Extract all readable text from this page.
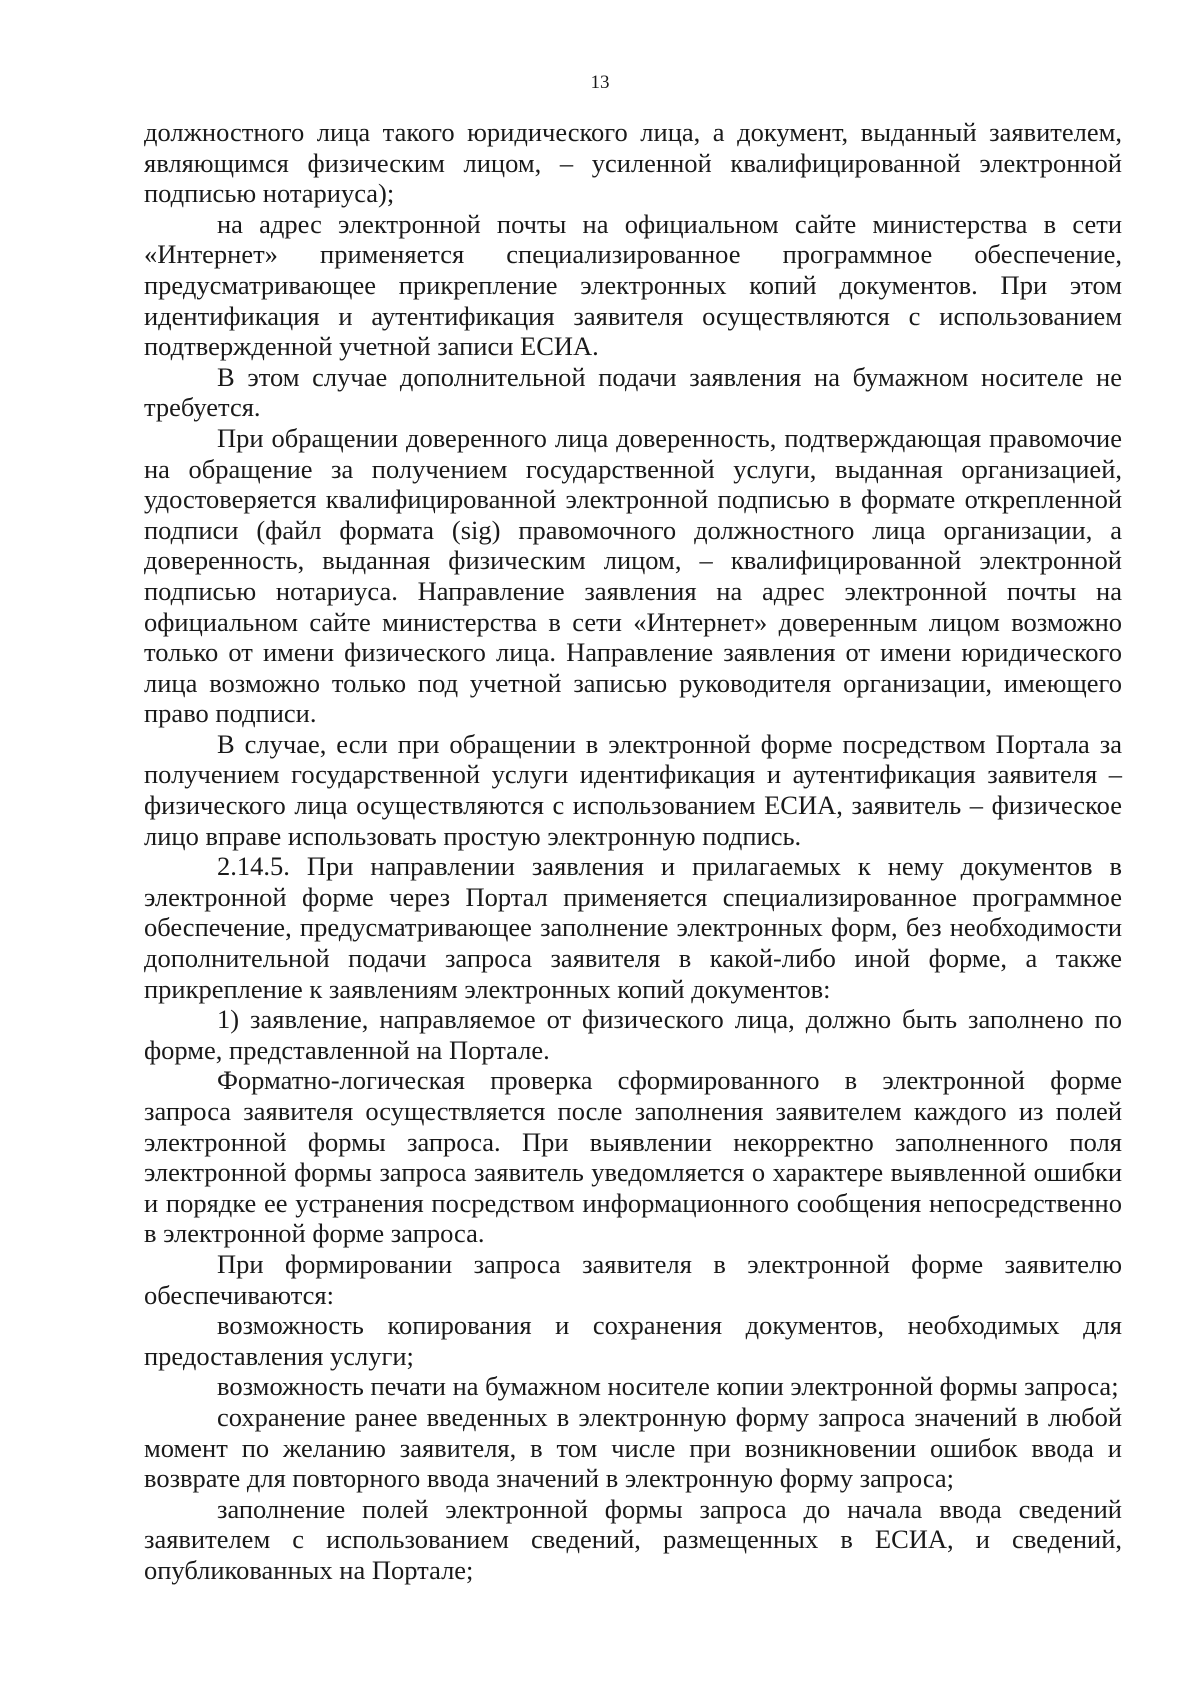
13

должностного лица такого юридического лица, а документ, выданный заявителем, являющимся физическим лицом, – усиленной квалифицированной электронной подписью нотариуса);

на адрес электронной почты на официальном сайте министерства в сети «Интернет» применяется специализированное программное обеспечение, предусматривающее прикрепление электронных копий документов. При этом идентификация и аутентификация заявителя осуществляются с использованием подтвержденной учетной записи ЕСИА.

В этом случае дополнительной подачи заявления на бумажном носителе не требуется.

При обращении доверенного лица доверенность, подтверждающая правомочие на обращение за получением государственной услуги, выданная организацией, удостоверяется квалифицированной электронной подписью в формате открепленной подписи (файл формата (sig) правомочного должностного лица организации, а доверенность, выданная физическим лицом, – квалифицированной электронной подписью нотариуса. Направление заявления на адрес электронной почты на официальном сайте министерства в сети «Интернет» доверенным лицом возможно только от имени физического лица. Направление заявления от имени юридического лица возможно только под учетной записью руководителя организации, имеющего право подписи.

В случае, если при обращении в электронной форме посредством Портала за получением государственной услуги идентификация и аутентификация заявителя – физического лица осуществляются с использованием ЕСИА, заявитель – физическое лицо вправе использовать простую электронную подпись.

2.14.5. При направлении заявления и прилагаемых к нему документов в электронной форме через Портал применяется специализированное программное обеспечение, предусматривающее заполнение электронных форм, без необходимости дополнительной подачи запроса заявителя в какой-либо иной форме, а также прикрепление к заявлениям электронных копий документов:

1) заявление, направляемое от физического лица, должно быть заполнено по форме, представленной на Портале.

Форматно-логическая проверка сформированного в электронной форме запроса заявителя осуществляется после заполнения заявителем каждого из полей электронной формы запроса. При выявлении некорректно заполненного поля электронной формы запроса заявитель уведомляется о характере выявленной ошибки и порядке ее устранения посредством информационного сообщения непосредственно в электронной форме запроса.

При формировании запроса заявителя в электронной форме заявителю обеспечиваются:

возможность копирования и сохранения документов, необходимых для предоставления услуги;

возможность печати на бумажном носителе копии электронной формы запроса;

сохранение ранее введенных в электронную форму запроса значений в любой момент по желанию заявителя, в том числе при возникновении ошибок ввода и возврате для повторного ввода значений в электронную форму запроса;

заполнение полей электронной формы запроса до начала ввода сведений заявителем с использованием сведений, размещенных в ЕСИА, и сведений, опубликованных на Портале;
